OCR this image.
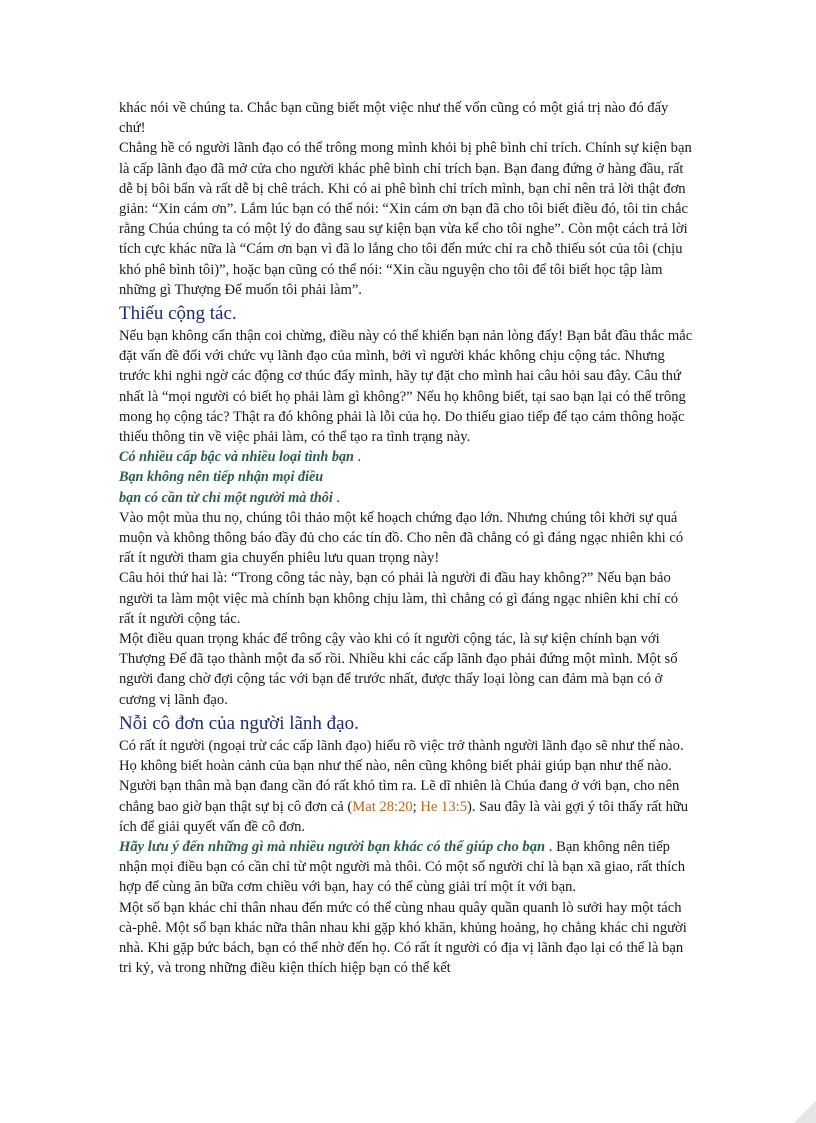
khác nói về chúng ta. Chắc bạn cũng biết một việc như thế vốn cũng có một giá trị nào đó đấy chứ!

Chẳng hề có người lãnh đạo có thể trông mong mình khỏi bị phê bình chỉ trích. Chính sự kiện bạn là cấp lãnh đạo đã mở cửa cho người khác phê bình chỉ trích bạn. Bạn đang đứng ở hàng đầu, rất dễ bị bôi bẩn và rất dễ bị chê trách. Khi có ai phê bình chỉ trích mình, bạn chỉ nên trả lời thật đơn giản: “Xin cám ơn”. Lắm lúc bạn có thể nói: “Xin cám ơn bạn đã cho tôi biết điều đó, tôi tin chắc rằng Chúa chúng ta có một lý do đằng sau sự kiện bạn vừa kể cho tôi nghe”. Còn một cách trả lời tích cực khác nữa là “Cám ơn bạn vì đã lo lắng cho tôi đến mức chỉ ra chỗ thiếu sót của tôi (chịu khó phê bình tôi)”, hoặc bạn cũng có thể nói: “Xin cầu nguyện cho tôi để tôi biết học tập làm những gì Thượng Đế muốn tôi phải làm”.

Thiếu cộng tác.

Nếu bạn không cẩn thận coi chừng, điều này có thể khiến bạn nản lòng đấy! Bạn bắt đầu thắc mắc đặt vấn đề đối với chức vụ lãnh đạo của mình, bởi vì người khác không chịu cộng tác. Nhưng trước khi nghi ngờ các động cơ thúc đẩy mình, hãy tự đặt cho mình hai câu hỏi sau đây. Câu thứ nhất là “mọi người có biết họ phải làm gì không?” Nếu họ không biết, tại sao bạn lại có thể trông mong họ cộng tác? Thật ra đó không phải là lỗi của họ. Do thiếu giao tiếp để tạo cảm thông hoặc thiếu thông tin về việc phải làm, có thể tạo ra tình trạng này.

Có nhiều cấp bậc và nhiều loại tình bạn .
Bạn không nên tiếp nhận mọi điều
bạn có cần từ chỉ một người mà thôi .

Vào một mùa thu nọ, chúng tôi thảo một kế hoạch chứng đạo lớn. Nhưng chúng tôi khởi sự quá muộn và không thông báo đầy đủ cho các tín đồ. Cho nên đã chẳng có gì đáng ngạc nhiên khi có rất ít người tham gia chuyến phiêu lưu quan trọng này!

Câu hỏi thứ hai là: “Trong công tác này, bạn có phải là người đi đầu hay không?” Nếu bạn bảo người ta làm một việc mà chính bạn không chịu làm, thì chẳng có gì đáng ngạc nhiên khi chỉ có rất ít người cộng tác.

Một điều quan trọng khác để trông cậy vào khi có ít người cộng tác, là sự kiện chính bạn với Thượng Đế đã tạo thành một đa số rồi. Nhiều khi các cấp lãnh đạo phải đứng một mình. Một số người đang chờ đợi cộng tác với bạn để trước nhất, được thấy loại lòng can đảm mà bạn có ở cương vị lãnh đạo.

Nỗi cô đơn của người lãnh đạo.

Có rất ít người (ngoại trừ các cấp lãnh đạo) hiểu rõ việc trở thành người lãnh đạo sẽ như thế nào. Họ không biết hoàn cảnh của bạn như thế nào, nên cũng không biết phải giúp bạn như thế nào. Người bạn thân mà bạn đang cần đó rất khó tìm ra. Lẽ dĩ nhiên là Chúa đang ở với bạn, cho nên chẳng bao giờ bạn thật sự bị cô đơn cả (Mat 28:20; He 13:5). Sau đây là vài gợi ý tôi thấy rất hữu ích để giải quyết vấn đề cô đơn.

Hãy lưu ý đến những gì mà nhiều người bạn khác có thể giúp cho bạn . Bạn không nên tiếp nhận mọi điều bạn có cần chỉ từ một người mà thôi. Có một số người chỉ là bạn xã giao, rất thích hợp để cùng ăn bữa cơm chiều với bạn, hay có thể cùng giải trí một ít với bạn.

Một số bạn khác chỉ thân nhau đến mức có thể cùng nhau quây quần quanh lò sưởi hay một tách cà-phê. Một số bạn khác nữa thân nhau khi gặp khó khăn, khủng hoảng, họ chẳng khác chi người nhà. Khi gặp bức bách, bạn có thể nhờ đến họ. Có rất ít người có địa vị lãnh đạo lại có thể là bạn tri kỷ, và trong những điều kiện thích hiệp bạn có thể kết
